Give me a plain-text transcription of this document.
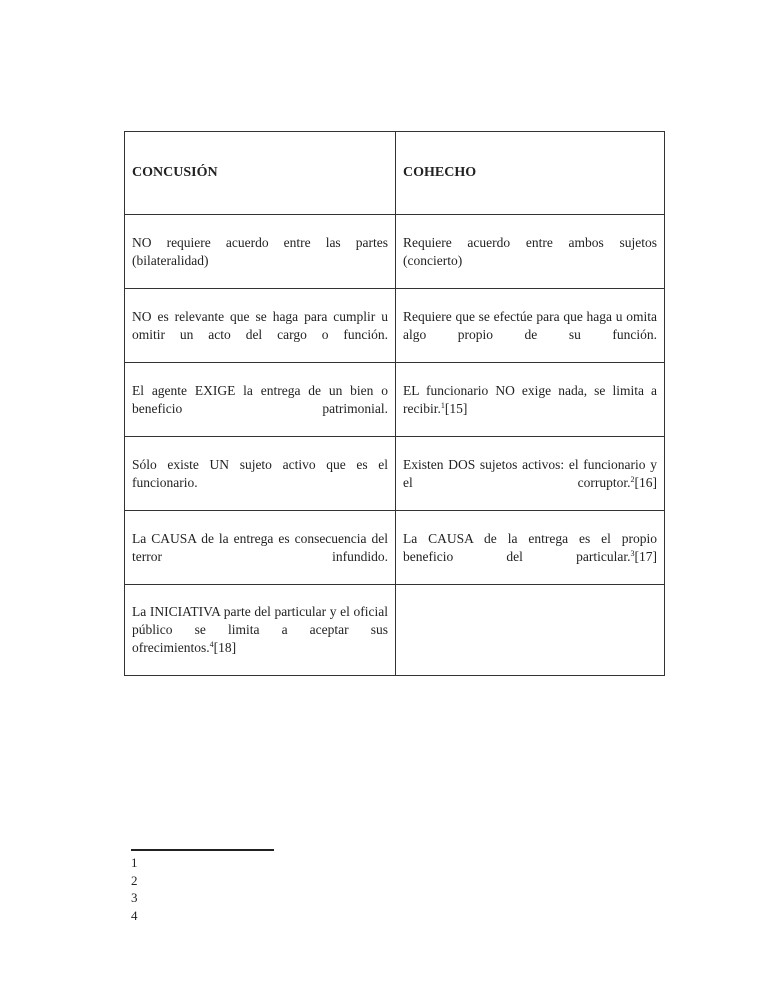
CONCUSIÓN	COHECHO
NO requiere acuerdo entre las partes (bilateralidad)	Requiere acuerdo entre ambos sujetos (concierto)
NO es relevante que se haga para cumplir u omitir un acto del cargo o función.	Requiere que se efectúe para que haga u omita algo propio de su función.
El agente EXIGE la entrega de un bien o beneficio patrimonial.	EL funcionario NO exige nada, se limita a recibir.$^1$[15]
Sólo existe UN sujeto activo que es el funcionario.	Existen DOS sujetos activos: el funcionario y el corruptor.$^2$[16]
La CAUSA de la entrega es consecuencia del terror infundido.	La CAUSA de la entrega es el propio beneficio del particular.$^3$[17]
La INICIATIVA parte del particular y el oficial público se limita a aceptar sus ofrecimientos.$^4$[18]	
1
2
3
4
